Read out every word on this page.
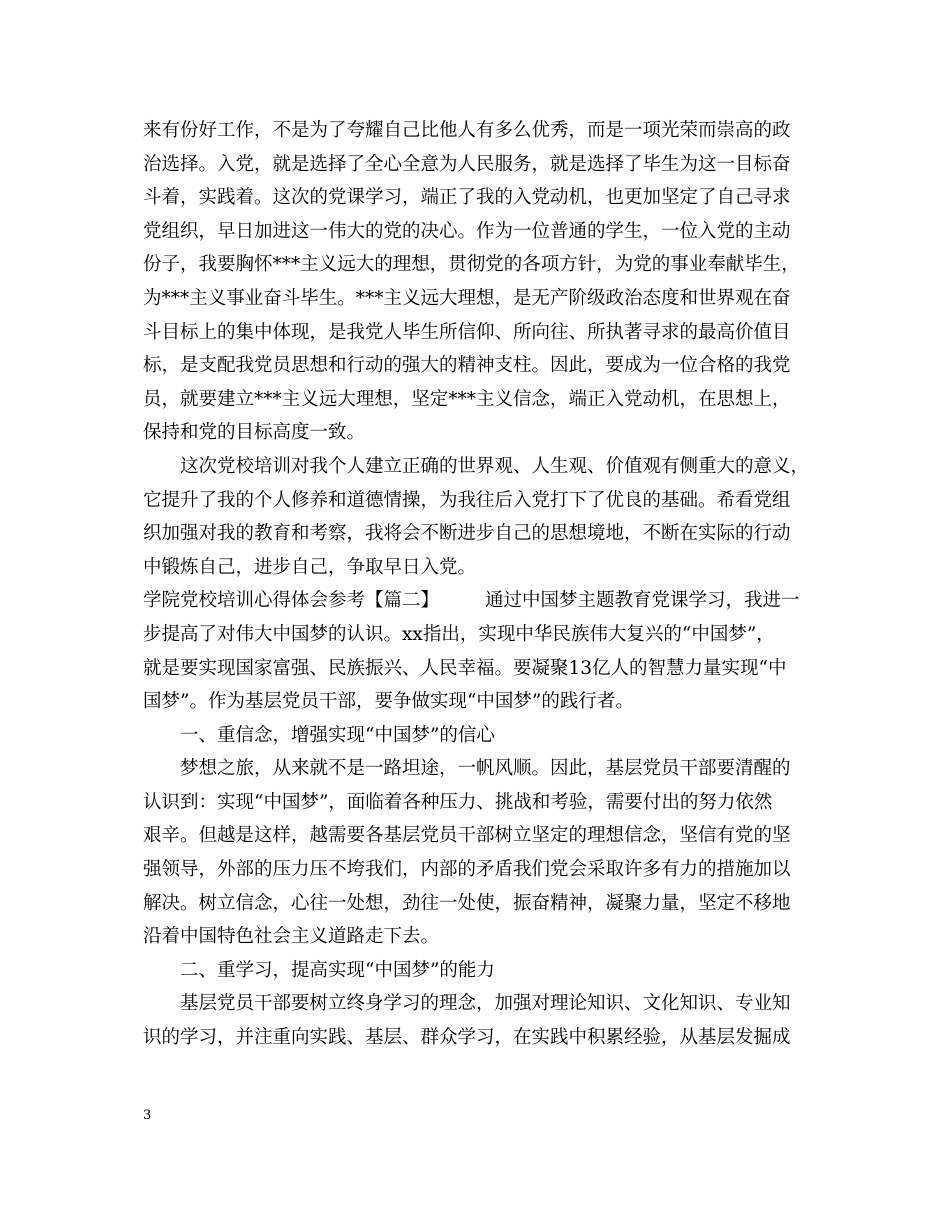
来有份好工作，不是为了夸耀自己比他人有多么优秀，而是一项光荣而崇高的政
治选择。入党，就是选择了全心全意为人民服务，就是选择了毕生为这一目标奋
斗着，实践着。这次的党课学习，端正了我的入党动机，也更加坚定了自己寻求
党组织，早日加进这一伟大的党的决心。作为一位普通的学生，一位入党的主动
份子，我要胸怀***主义远大的理想，贯彻党的各项方针，为党的事业奉献毕生，
为***主义事业奋斗毕生。***主义远大理想，是无产阶级政治态度和世界观在奋
斗目标上的集中体现，是我党人毕生所信仰、所向往、所执著寻求的最高价值目
标，是支配我党员思想和行动的强大的精神支柱。因此，要成为一位合格的我党
员，就要建立***主义远大理想，坚定***主义信念，端正入党动机，在思想上，
保持和党的目标高度一致。
这次党校培训对我个人建立正确的世界观、人生观、价值观有侧重大的意义，
它提升了我的个人修养和道德情操，为我往后入党打下了优良的基础。希看党组
织加强对我的教育和考察，我将会不断进步自己的思想境地，不断在实际的行动
中锻炼自己，进步自己，争取早日入党。
学院党校培训心得体会参考【篇二】 通过中国梦主题教育党课学习，我进一
步提高了对伟大中国梦的认识。xx指出，实现中华民族伟大复兴的“中国梦”，
就是要实现国家富强、民族振兴、人民幸福。要凝聚13亿人的智慧力量实现“中
国梦”。作为基层党员干部，要争做实现“中国梦”的践行者。
一、重信念，增强实现“中国梦”的信心
梦想之旅，从来就不是一路坦途，一帆风顺。因此，基层党员干部要清醒的
认识到：实现“中国梦”，面临着各种压力、挑战和考验，需要付出的努力依然
艰辛。但越是这样，越需要各基层党员干部树立坚定的理想信念，坚信有党的坚
强领导，外部的压力压不垮我们，内部的矛盾我们党会采取许多有力的措施加以
解决。树立信念，心往一处想，劲往一处使，振奋精神，凝聚力量，坚定不移地
沿着中国特色社会主义道路走下去。
二、重学习，提高实现“中国梦”的能力
基层党员干部要树立终身学习的理念，加强对理论知识、文化知识、专业知
识的学习，并注重向实践、基层、群众学习，在实践中积累经验，从基层发掘成
3
